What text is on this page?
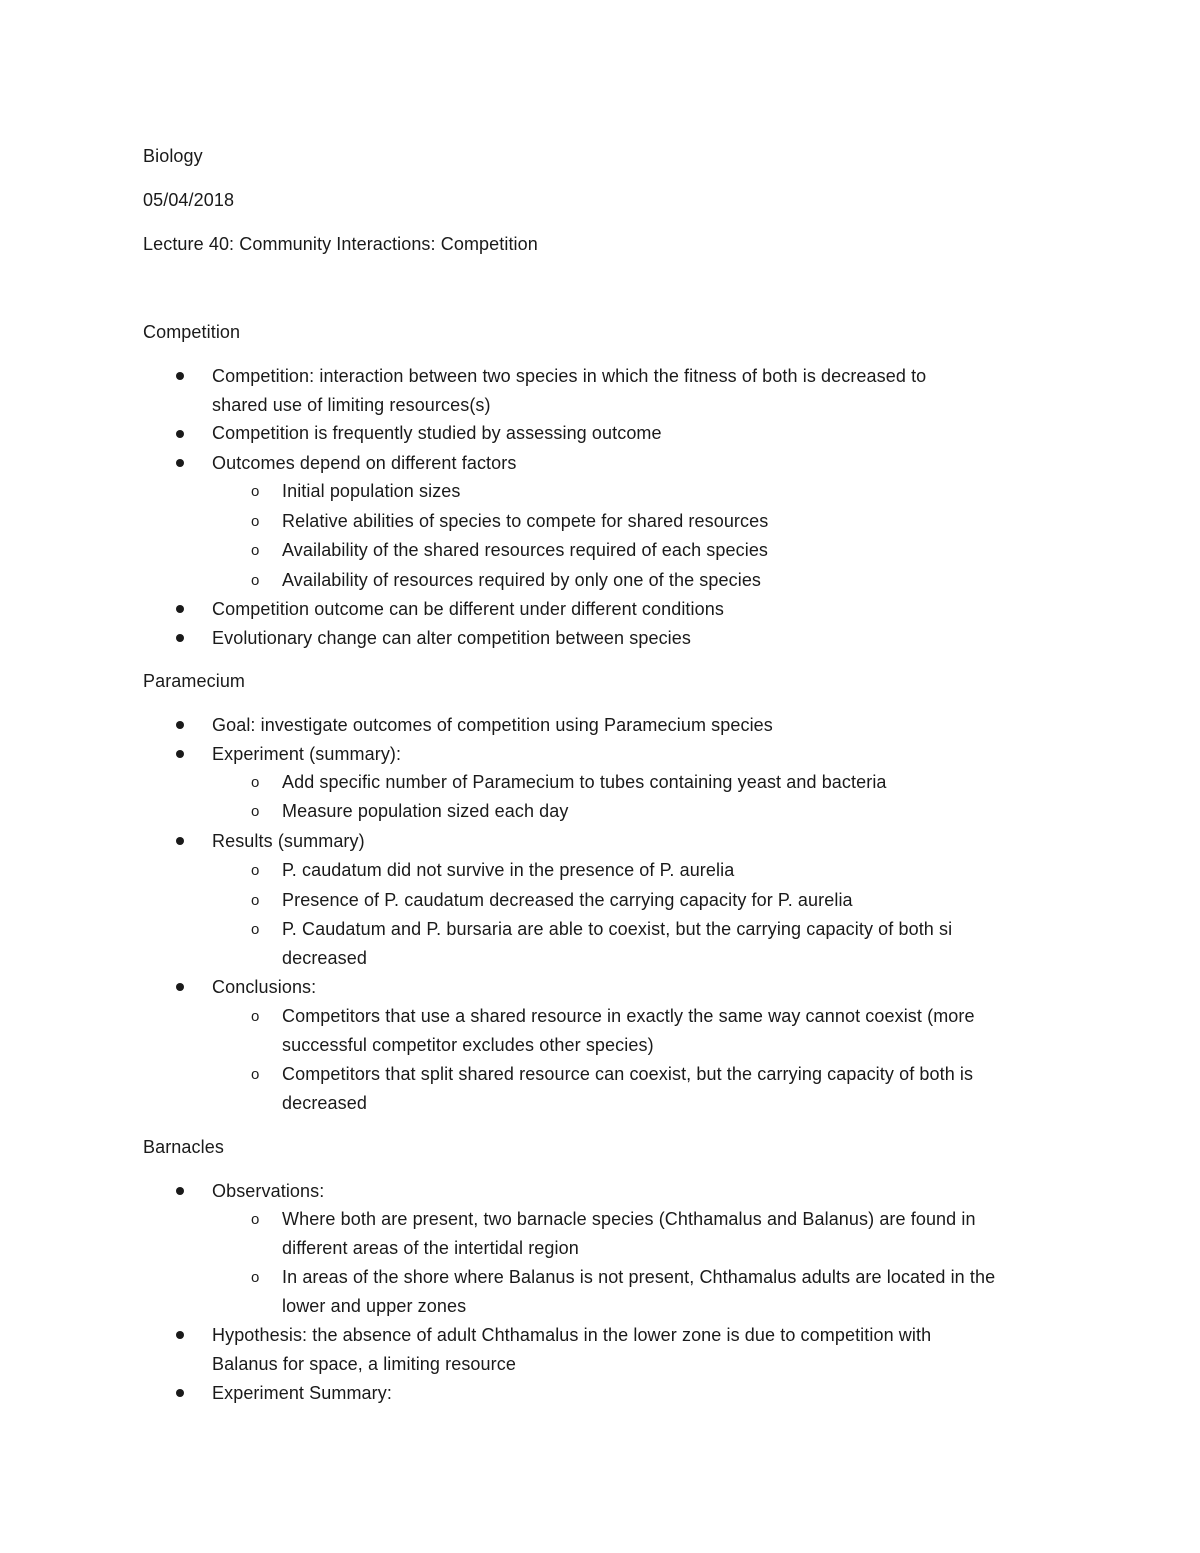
Biology
05/04/2018
Lecture 40: Community Interactions: Competition
Competition
Competition: interaction between two species in which the fitness of both is decreased to
shared use of limiting resources(s)
Competition is frequently studied by assessing outcome
Outcomes depend on different factors
o Initial population sizes
o Relative abilities of species to compete for shared resources
o Availability of the shared resources required of each species
o Availability of resources required by only one of the species
Competition outcome can be different under different conditions
Evolutionary change can alter competition between species
Paramecium
Goal: investigate outcomes of competition using Paramecium species
Experiment (summary):
o Add specific number of Paramecium to tubes containing yeast and bacteria
o Measure population sized each day
Results (summary)
o P. caudatum did not survive in the presence of P. aurelia
o Presence of P. caudatum decreased the carrying capacity for P. aurelia
o P. Caudatum and P. bursaria are able to coexist, but the carrying capacity of both si
decreased
Conclusions:
o Competitors that use a shared resource in exactly the same way cannot coexist (more
successful competitor excludes other species)
o Competitors that split shared resource can coexist, but the carrying capacity of both is
decreased
Barnacles
Observations:
o Where both are present, two barnacle species (Chthamalus and Balanus) are found in
different areas of the intertidal region
o In areas of the shore where Balanus is not present, Chthamalus adults are located in the
lower and upper zones
Hypothesis: the absence of adult Chthamalus in the lower zone is due to competition with
Balanus for space, a limiting resource
Experiment Summary:
